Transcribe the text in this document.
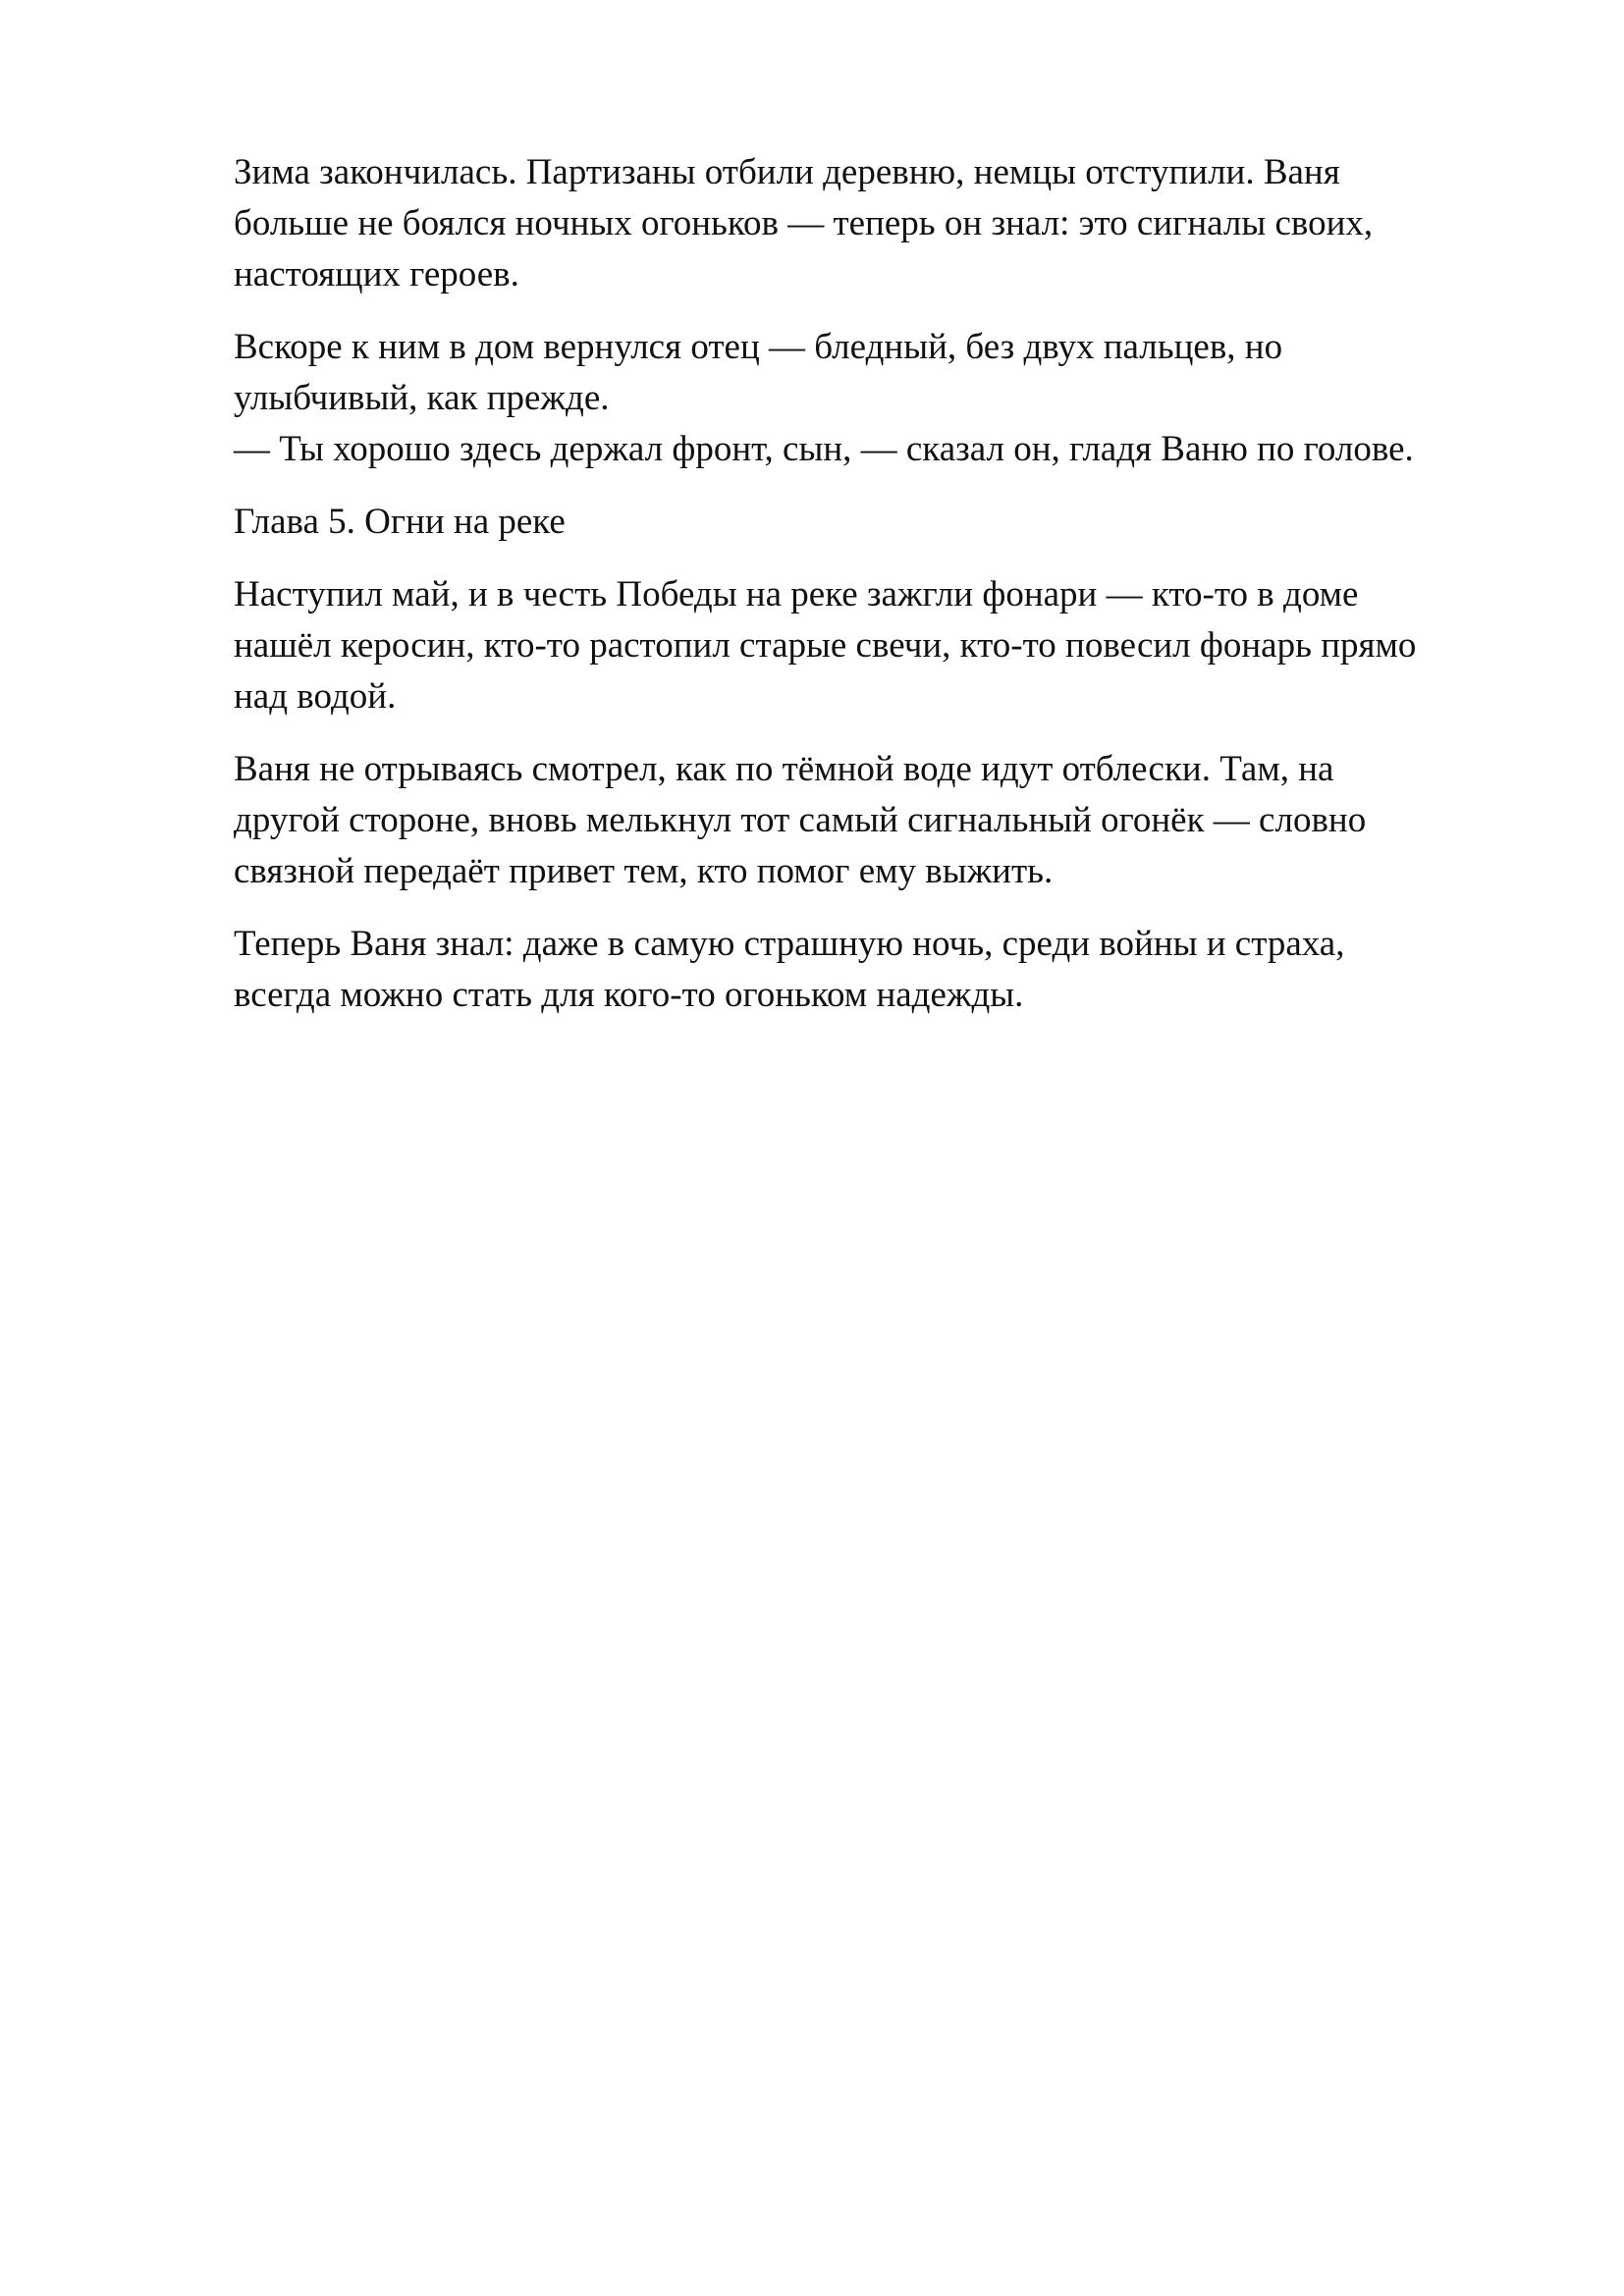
Зима закончилась. Партизаны отбили деревню, немцы отступили. Ваня
больше не боялся ночных огоньков — теперь он знал: это сигналы своих,
настоящих героев.

Вскоре к ним в дом вернулся отец — бледный, без двух пальцев, но
улыбчивый, как прежде.
— Ты хорошо здесь держал фронт, сын, — сказал он, гладя Ваню по голове.

Глава 5. Огни на реке

Наступил май, и в честь Победы на реке зажгли фонари — кто-то в доме
нашёл керосин, кто-то растопил старые свечи, кто-то повесил фонарь прямо
над водой.

Ваня не отрываясь смотрел, как по тёмной воде идут отблески. Там, на
другой стороне, вновь мелькнул тот самый сигнальный огонёк — словно
связной передаёт привет тем, кто помог ему выжить.

Теперь Ваня знал: даже в самую страшную ночь, среди войны и страха,
всегда можно стать для кого-то огоньком надежды.
